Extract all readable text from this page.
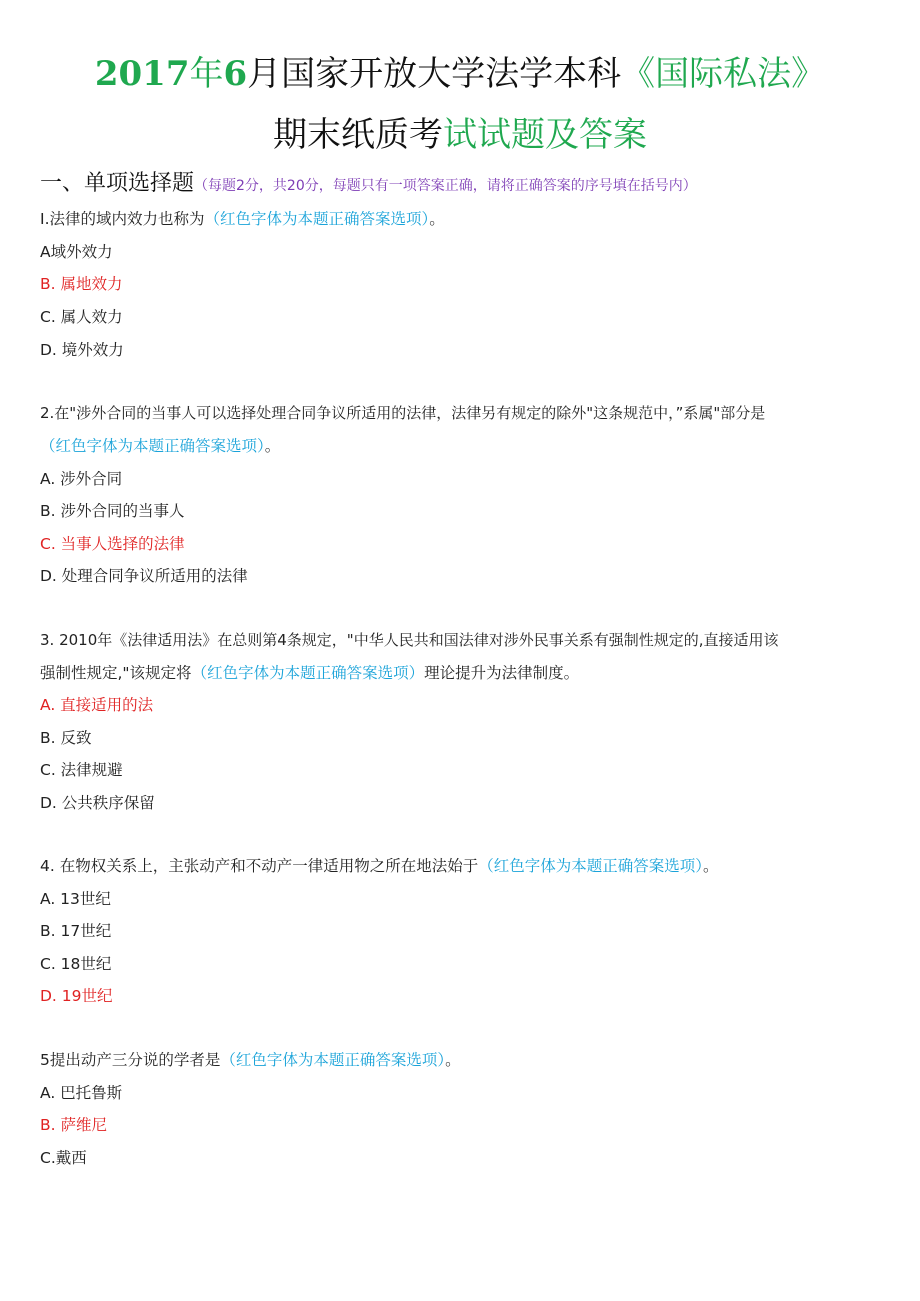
2017年6月国家开放大学法学本科《国际私法》
期末纸质考试试题及答案
一、单项选择题（每题2分，共20分，每题只有一项答案正确，请将正确答案的序号填在括号内）
I.法律的域内效力也称为（红色字体为本题正确答案选项）。
A域外效力
B. 属地效力
C. 属人效力
D. 境外效力
2.在"涉外合同的当事人可以选择处理合同争议所适用的法律，法律另有规定的除外"这条规范中，”系属"部分是
（红色字体为本题正确答案选项）。
A. 涉外合同
B. 涉外合同的当事人
C. 当事人选择的法律
D. 处理合同争议所适用的法律
3. 2010年《法律适用法》在总则第4条规定，"中华人民共和国法律对涉外民事关系有强制性规定的,直接适用该
强制性规定,"该规定将（红色字体为本题正确答案选项）理论提升为法律制度。
A. 直接适用的法
B. 反致
C. 法律规避
D. 公共秩序保留
4. 在物权关系上，主张动产和不动产一律适用物之所在地法始于（红色字体为本题正确答案选项）。
A. 13世纪
B. 17世纪
C. 18世纪
D. 19世纪
5提出动产三分说的学者是（红色字体为本题正确答案选项）。
A. 巴托鲁斯
B. 萨维尼
C.戴西
